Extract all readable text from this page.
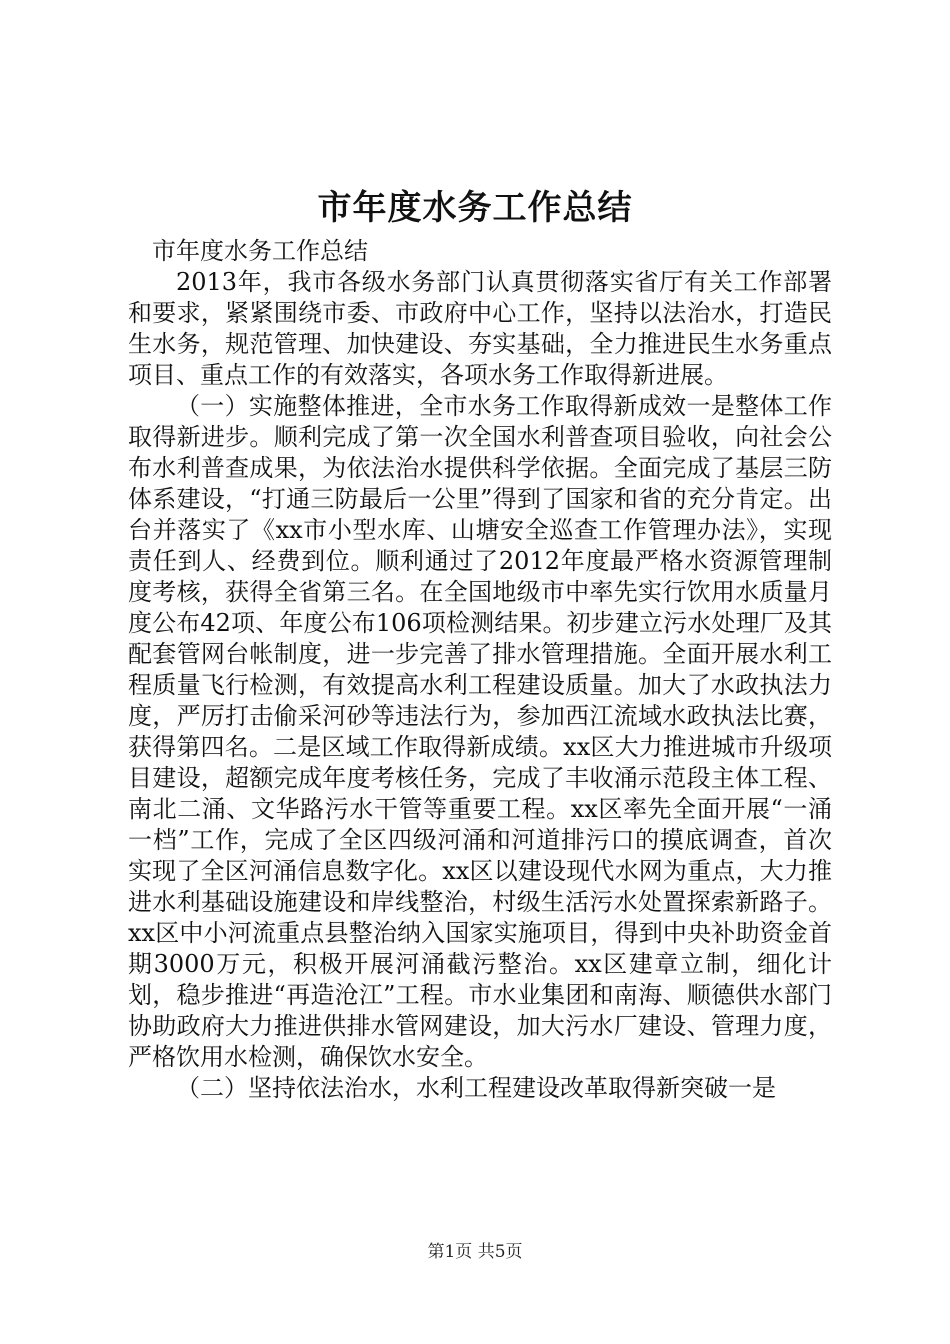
市年度水务工作总结

市年度水务工作总结

2013年，我市各级水务部门认真贯彻落实省厅有关工作部署和要求，紧紧围绕市委、市政府中心工作，坚持以法治水，打造民生水务，规范管理、加快建设、夯实基础，全力推进民生水务重点项目、重点工作的有效落实，各项水务工作取得新进展。

（一）实施整体推进，全市水务工作取得新成效一是整体工作取得新进步。顺利完成了第一次全国水利普查项目验收，向社会公布水利普查成果，为依法治水提供科学依据。全面完成了基层三防体系建设，“打通三防最后一公里”得到了国家和省的充分肯定。出台并落实了《xx市小型水库、山塘安全巡查工作管理办法》，实现责任到人、经费到位。顺利通过了2012年度最严格水资源管理制度考核，获得全省第三名。在全国地级市中率先实行饮用水质量月度公布42项、年度公布106项检测结果。初步建立污水处理厂及其配套管网台帐制度，进一步完善了排水管理措施。全面开展水利工程质量飞行检测，有效提高水利工程建设质量。加大了水政执法力度，严厉打击偷采河砂等违法行为，参加西江流域水政执法比赛，获得第四名。二是区域工作取得新成绩。xx区大力推进城市升级项目建设，超额完成年度考核任务，完成了丰收涌示范段主体工程、南北二涌、文华路污水干管等重要工程。xx区率先全面开展“一涌一档”工作，完成了全区四级河涌和河道排污口的摸底调查，首次实现了全区河涌信息数字化。xx区以建设现代水网为重点，大力推进水利基础设施建设和岸线整治，村级生活污水处置探索新路子。xx区中小河流重点县整治纳入国家实施项目，得到中央补助资金首期3000万元，积极开展河涌截污整治。xx区建章立制，细化计划，稳步推进“再造沧江”工程。市水业集团和南海、顺德供水部门协助政府大力推进供排水管网建设，加大污水厂建设、管理力度，严格饮用水检测，确保饮水安全。

（二）坚持依法治水，水利工程建设改革取得新突破一是

第1页 共5页
